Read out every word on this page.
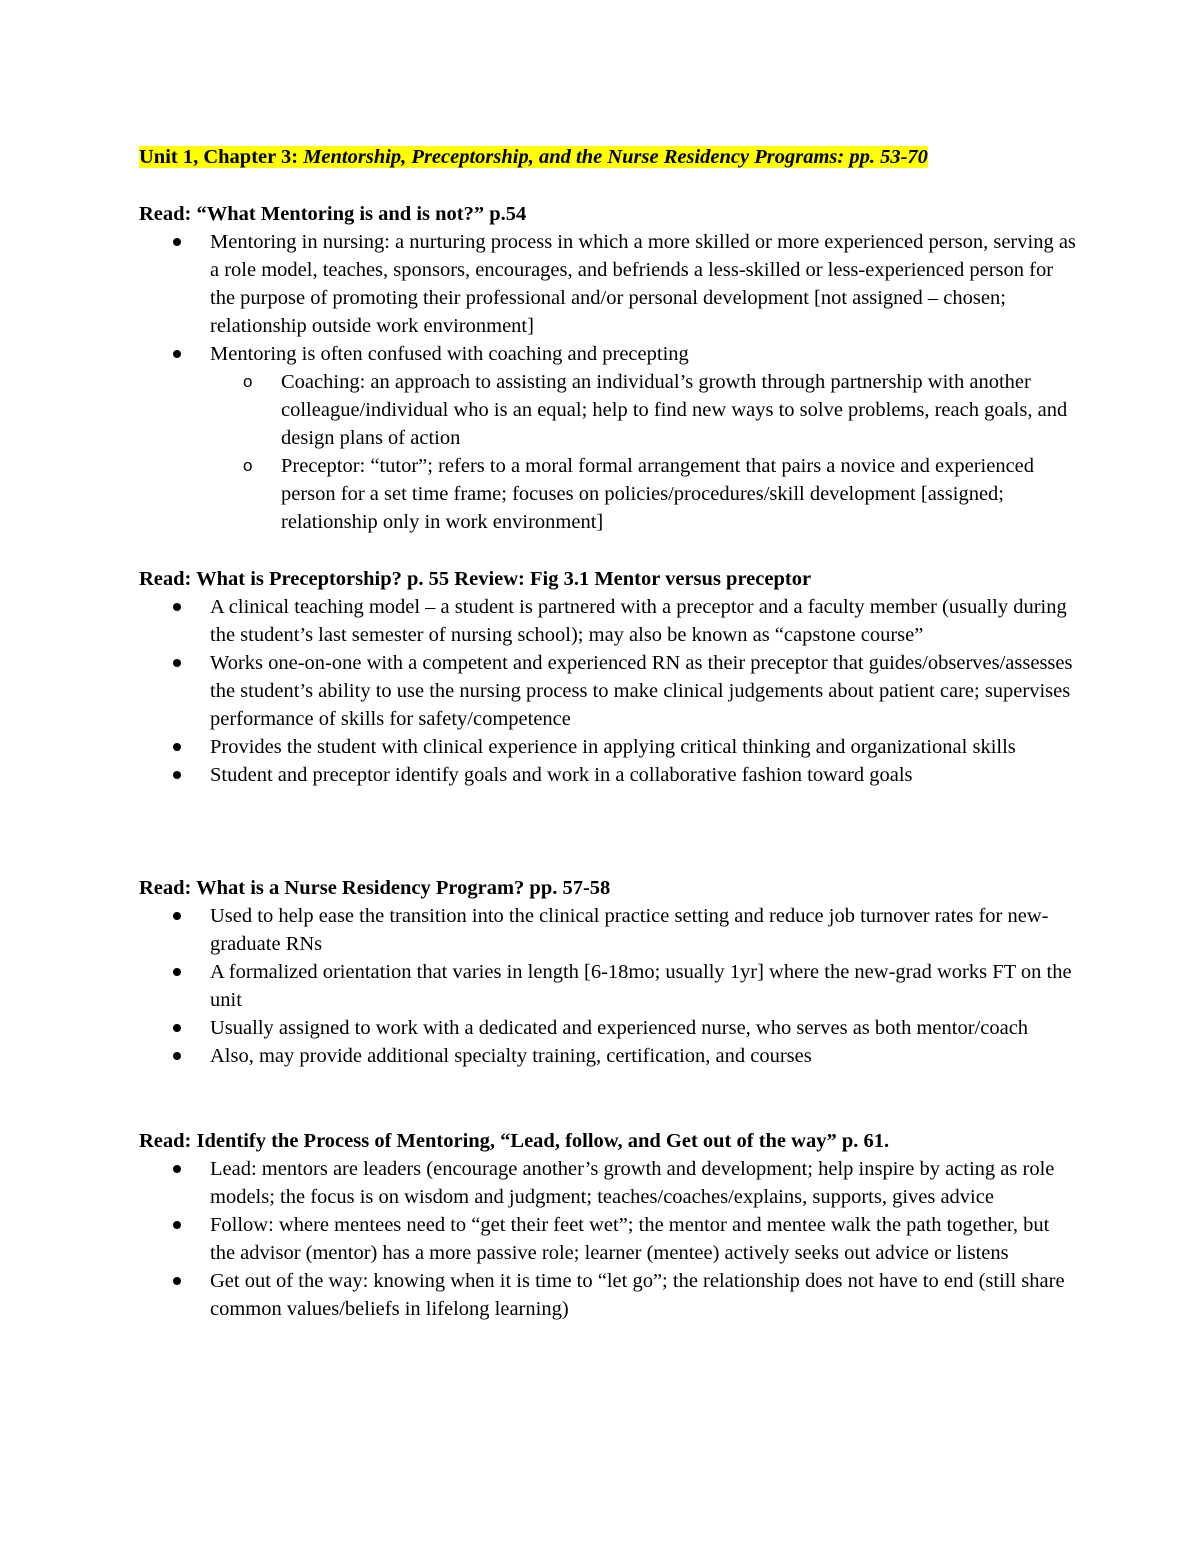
Unit 1, Chapter 3: Mentorship, Preceptorship, and the Nurse Residency Programs: pp. 53-70
Read: “What Mentoring is and is not?” p.54
Mentoring in nursing: a nurturing process in which a more skilled or more experienced person, serving as a role model, teaches, sponsors, encourages, and befriends a less-skilled or less-experienced person for the purpose of promoting their professional and/or personal development [not assigned – chosen; relationship outside work environment]
Mentoring is often confused with coaching and precepting
o Coaching: an approach to assisting an individual’s growth through partnership with another colleague/individual who is an equal; help to find new ways to solve problems, reach goals, and design plans of action
o Preceptor: “tutor”; refers to a moral formal arrangement that pairs a novice and experienced person for a set time frame; focuses on policies/procedures/skill development [assigned; relationship only in work environment]
Read: What is Preceptorship? p. 55 Review: Fig 3.1 Mentor versus preceptor
A clinical teaching model – a student is partnered with a preceptor and a faculty member (usually during the student’s last semester of nursing school); may also be known as “capstone course”
Works one-on-one with a competent and experienced RN as their preceptor that guides/observes/assesses the student’s ability to use the nursing process to make clinical judgements about patient care; supervises performance of skills for safety/competence
Provides the student with clinical experience in applying critical thinking and organizational skills
Student and preceptor identify goals and work in a collaborative fashion toward goals
Read: What is a Nurse Residency Program? pp. 57-58
Used to help ease the transition into the clinical practice setting and reduce job turnover rates for new-graduate RNs
A formalized orientation that varies in length [6-18mo; usually 1yr] where the new-grad works FT on the unit
Usually assigned to work with a dedicated and experienced nurse, who serves as both mentor/coach
Also, may provide additional specialty training, certification, and courses
Read: Identify the Process of Mentoring, “Lead, follow, and Get out of the way” p. 61.
Lead: mentors are leaders (encourage another’s growth and development; help inspire by acting as role models; the focus is on wisdom and judgment; teaches/coaches/explains, supports, gives advice
Follow: where mentees need to “get their feet wet”; the mentor and mentee walk the path together, but the advisor (mentor) has a more passive role; learner (mentee) actively seeks out advice or listens
Get out of the way: knowing when it is time to “let go”; the relationship does not have to end (still share common values/beliefs in lifelong learning)
